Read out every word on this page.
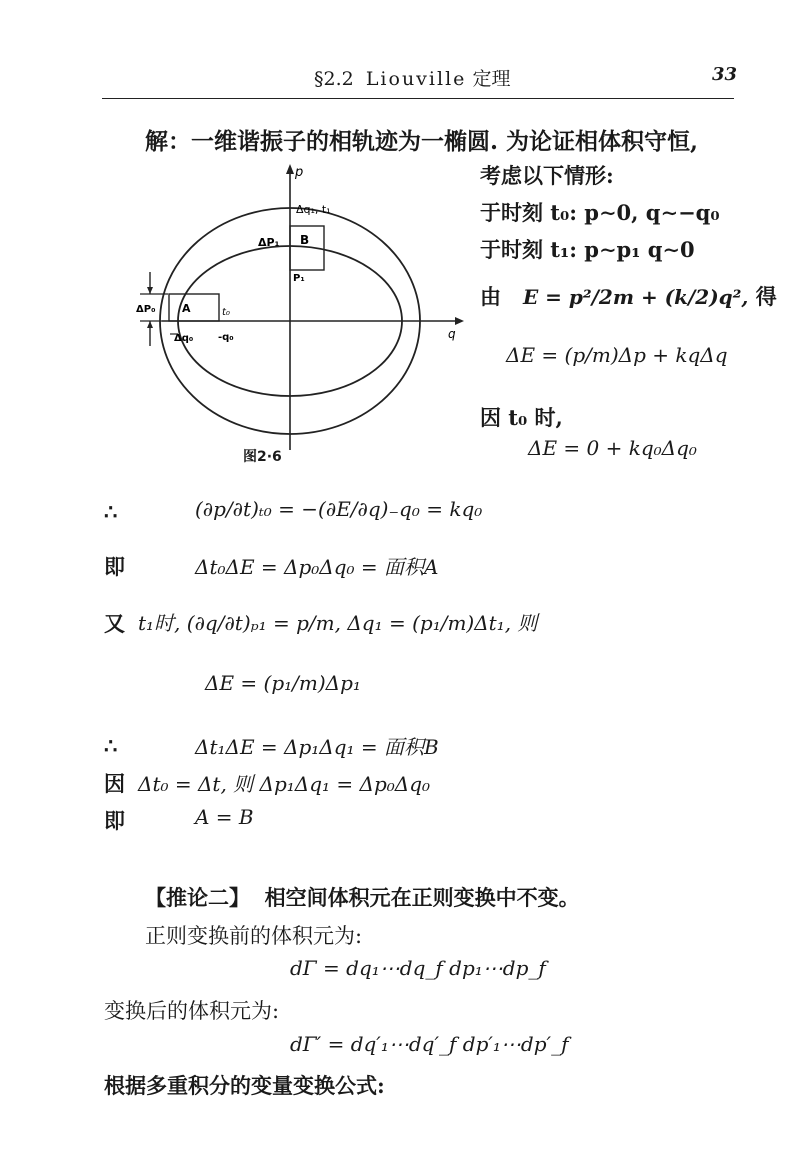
§2.2 Liouville 定理	33
解：一维谐振子的相轨迹为一椭圆. 为论证相体积守恒,
考虑以下情形:
于时刻 t₀: p∼0, q∼−q₀
于时刻 t₁: p∼p₁ q∼0
由 E = p²/2m + (k/2)q², 得
ΔE = (p/m)Δp + kqΔq
因 t₀ 时,
ΔE = 0 + kq₀Δq₀
p
q
Δq₁, t₁
ΔP₁ B
P₁
ΔP₀ A	t₀
Δq₀ -q₀
图2·6
∴	(∂p/∂t)ₜ₀ = −(∂E/∂q)₋q₀ = kq₀
即	Δt₀ΔE = Δp₀Δq₀ = 面积A
又 t₁时, (∂q/∂t)ₚ₁ = p/m, Δq₁ = (p₁/m)Δt₁, 则
ΔE = (p₁/m)Δp₁
∴	Δt₁ΔE = Δp₁Δq₁ = 面积B
因 Δt₀ = Δt, 则 Δp₁Δq₁ = Δp₀Δq₀
即	A = B
【推论二】 相空间体积元在正则变换中不变。
正则变换前的体积元为:
dΓ = dq₁⋯dq_f dp₁⋯dp_f
变换后的体积元为:
dΓ′ = dq′₁⋯dq′_f dp′₁⋯dp′_f
根据多重积分的变量变换公式:
